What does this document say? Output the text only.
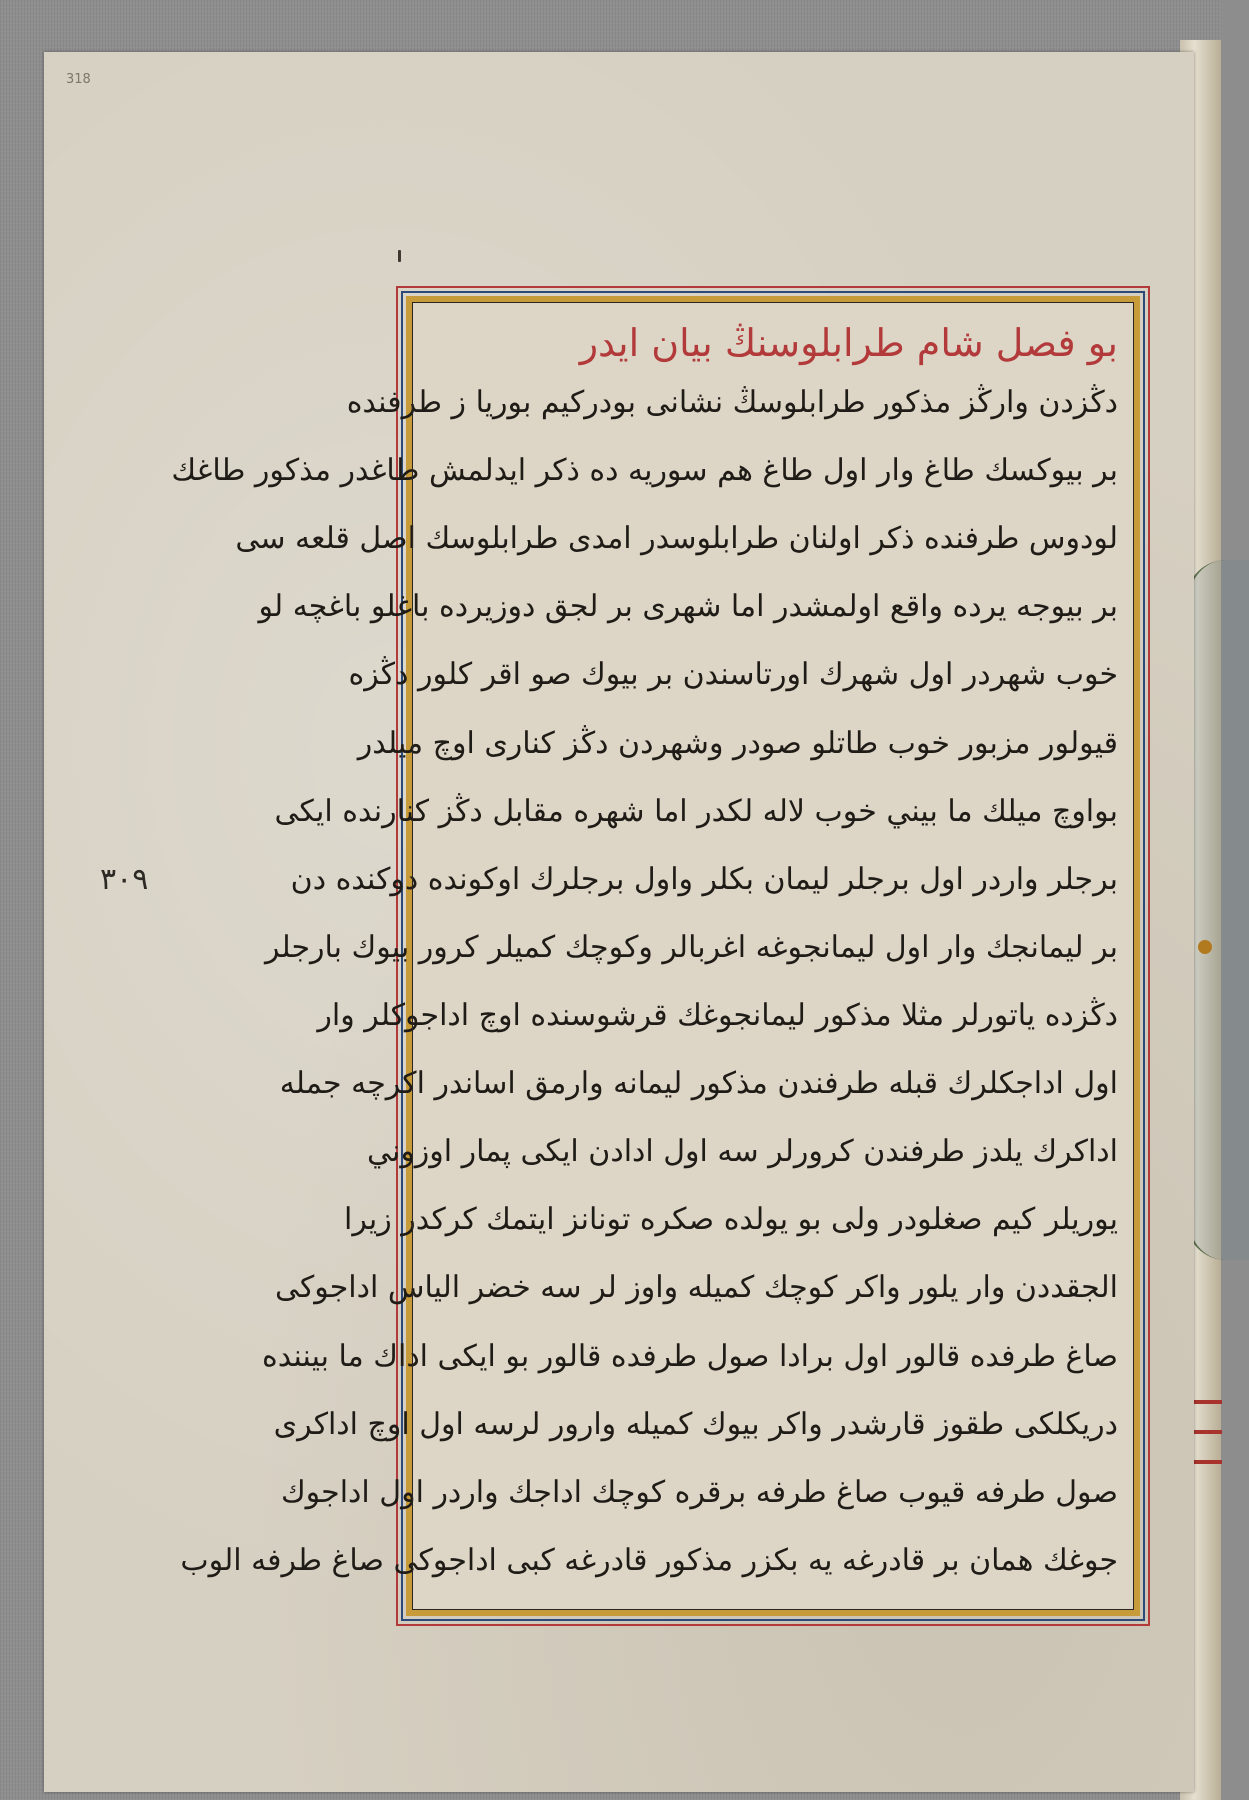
318
٣٠٩
بو فصل شام طرابلوسنڭ بیان ایدر
دڭزدن وارڭز مذكور طرابلوسڭ نشانی بودركيم بوريا ز طرفنده
بر بيوكسك طاغ وار اول طاغ هم سوريه ده ذكر ايدلمش طاغدر مذكور طاغك
لودوس طرفنده ذكر اولنان طرابلوسدر امدى طرابلوسك اصل قلعه سى
بر بيوجه يرده واقع اولمشدر اما شهری بر لجق دوزيرده باغلو باغچه لو
خوب شهردر اول شهرك اورتاسندن بر بيوك صو اقر كلور دڭزه
قيولور مزبور خوب طاتلو صودر وشهردن دڭز كنارى اوچ ميلدر
بواوچ ميلك ما بيني خوب لاله لكدر اما شهره مقابل دڭز كنارنده ايكى
برجلر واردر اول برجلر ليمان بكلر واول برجلرك اوكونده دوكنده دن
بر ليمانجك وار اول ليمانجوغه اغربالر وكوچك كميلر كرور بيوك بارجلر
دڭزده ياتورلر مثلا مذكور ليمانجوغك قرشوسنده اوچ اداجوكلر وار
اول اداجكلرك قبله طرفندن مذكور ليمانه وارمق اساندر اكرچه جمله
اداكرك يلدز طرفندن كرورلر سه اول ادادن ايكى پمار اوزوني
يوريلر كيم صغلودر ولى بو يولده صكره تونانز ايتمك كركدر زيرا
الجقددن وار يلور واكر كوچك كميله واوز لر سه خضر الياس اداجوكى
صاغ طرفده قالور اول برادا صول طرفده قالور بو ايكى اداك ما بيننده
دريكلكى طقوز قارشدر واكر بيوك كميله وارور لرسه اول اوچ اداكرى
صول طرفه قيوب صاغ طرفه برقره كوچك اداجك واردر اول اداجوك
جوغك همان بر قادرغه يه بكزر مذكور قادرغه كبى اداجوكى صاغ طرفه الوب
